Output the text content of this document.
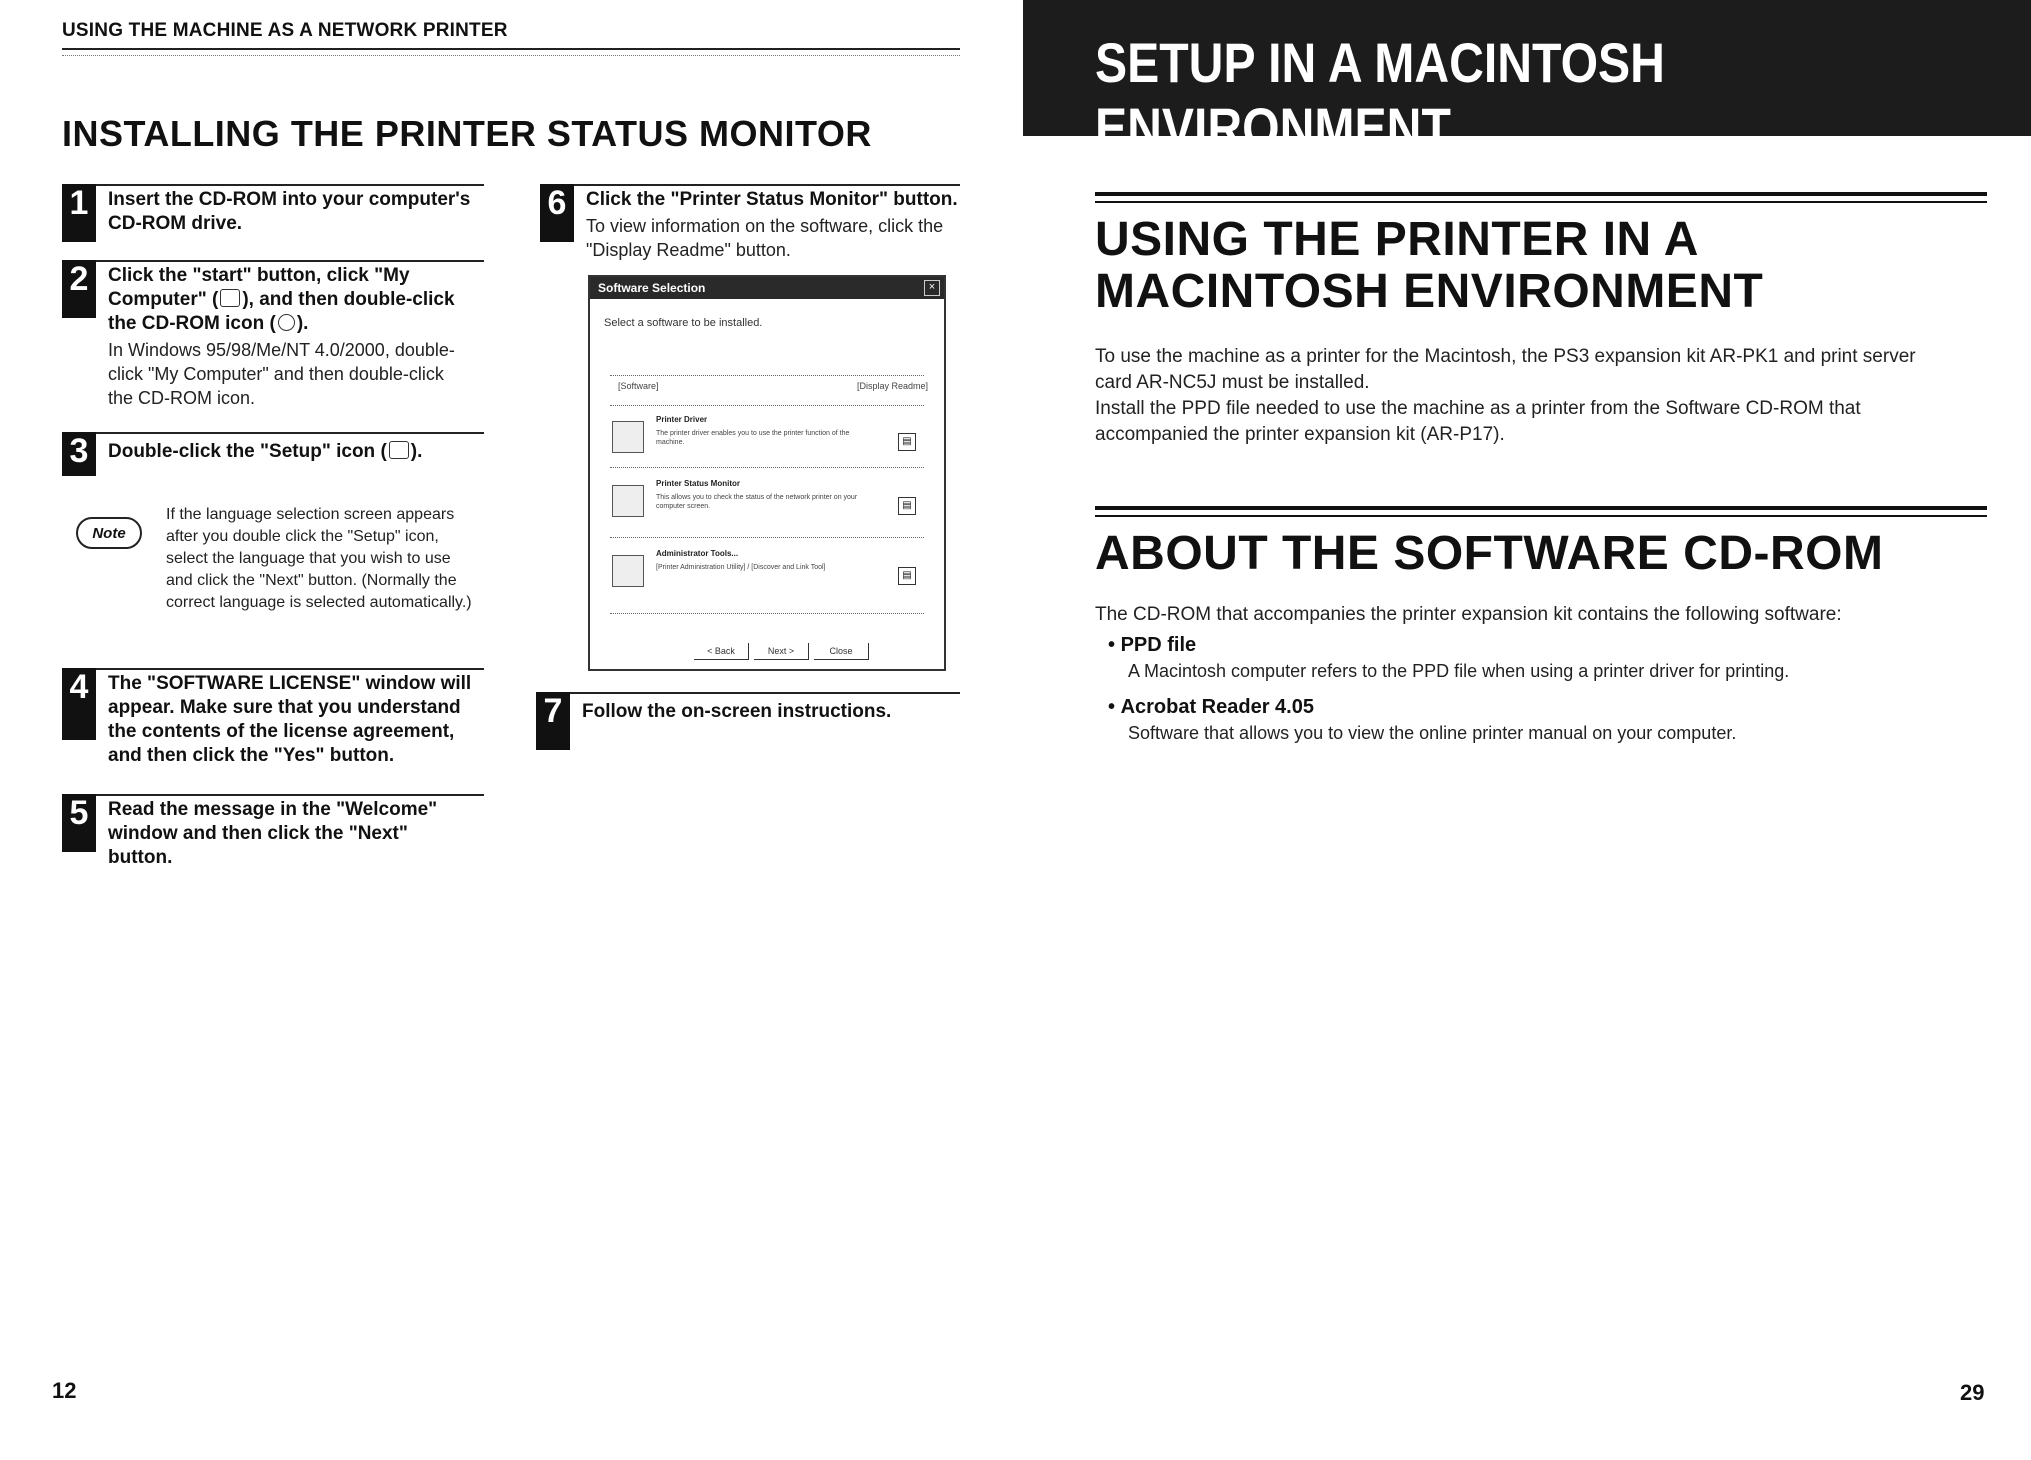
USING THE MACHINE AS A NETWORK PRINTER
INSTALLING THE PRINTER STATUS MONITOR
1	Insert the CD-ROM into your computer's CD-ROM drive.
2	Click the "start" button, click "My
Computer" ( ), and then double-click
the CD-ROM icon ( ).
In Windows 95/98/Me/NT 4.0/2000, double-click "My Computer" and then double-click the CD-ROM icon.
3	Double-click the "Setup" icon ( ).
Note
If the language selection screen appears after you double click the "Setup" icon, select the language that you wish to use and click the "Next" button. (Normally the correct language is selected automatically.)
4	The "SOFTWARE LICENSE" window will appear. Make sure that you understand the contents of the license agreement, and then click the "Yes" button.
5	Read the message in the "Welcome" window and then click the "Next" button.
6	Click the "Printer Status Monitor" button.
To view information on the software, click the "Display Readme" button.
Software Selection	×
Select a software to be installed.
[Software]	[Display Readme]
Printer Driver
The printer driver enables you to use the printer function of the machine.	▤
Printer Status Monitor
This allows you to check the status of the network printer on your computer screen.	▤
Administrator Tools...
[Printer Administration Utility] / [Discover and Link Tool]
▤
< Back	Next >	Close
7	Follow the on-screen instructions.
12
SETUP IN A MACINTOSH ENVIRONMENT
USING THE PRINTER IN A
MACINTOSH ENVIRONMENT
To use the machine as a printer for the Macintosh, the PS3 expansion kit AR-PK1 and print server
card AR-NC5J must be installed.
Install the PPD file needed to use the machine as a printer from the Software CD-ROM that
accompanied the printer expansion kit (AR-P17).
ABOUT THE SOFTWARE CD-ROM
The CD-ROM that accompanies the printer expansion kit contains the following software:
• PPD file
A Macintosh computer refers to the PPD file when using a printer driver for printing.
• Acrobat Reader 4.05
Software that allows you to view the online printer manual on your computer.
29
